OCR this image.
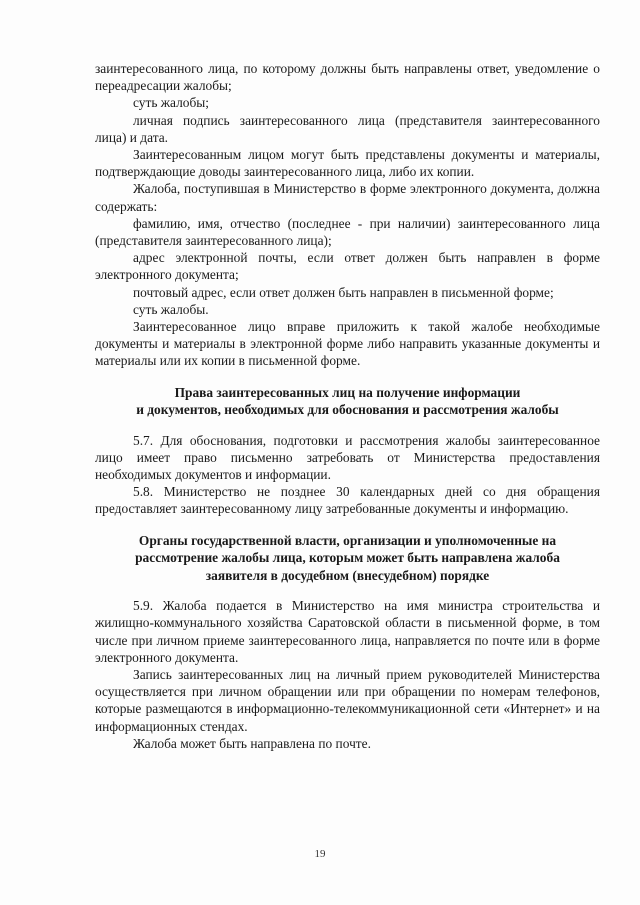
заинтересованного лица, по которому должны быть направлены ответ, уведомление о переадресации жалобы;

суть жалобы;

личная подпись заинтересованного лица (представителя заинтересованного лица) и дата.

Заинтересованным лицом могут быть представлены документы и материалы, подтверждающие доводы заинтересованного лица, либо их копии.

Жалоба, поступившая в Министерство в форме электронного документа, должна содержать:

фамилию, имя, отчество (последнее - при наличии) заинтересованного лица (представителя заинтересованного лица);

адрес электронной почты, если ответ должен быть направлен в форме электронного документа;

почтовый адрес, если ответ должен быть направлен в письменной форме;

суть жалобы.

Заинтересованное лицо вправе приложить к такой жалобе необходимые документы и материалы в электронной форме либо направить указанные документы и материалы или их копии в письменной форме.

Права заинтересованных лиц на получение информации
и документов, необходимых для обоснования и рассмотрения жалобы

5.7. Для обоснования, подготовки и рассмотрения жалобы заинтересованное лицо имеет право письменно затребовать от Министерства предоставления необходимых документов и информации.

5.8. Министерство не позднее 30 календарных дней со дня обращения предоставляет заинтересованному лицу затребованные документы и информацию.

Органы государственной власти, организации и уполномоченные на
рассмотрение жалобы лица, которым может быть направлена жалоба
заявителя в досудебном (внесудебном) порядке

5.9. Жалоба подается в Министерство на имя министра строительства и жилищно-коммунального хозяйства Саратовской области в письменной форме, в том числе при личном приеме заинтересованного лица, направляется по почте или в форме электронного документа.

Запись заинтересованных лиц на личный прием руководителей Министерства осуществляется при личном обращении или при обращении по номерам телефонов, которые размещаются в информационно-телекоммуникационной сети «Интернет» и на информационных стендах.

Жалоба может быть направлена по почте.

19
